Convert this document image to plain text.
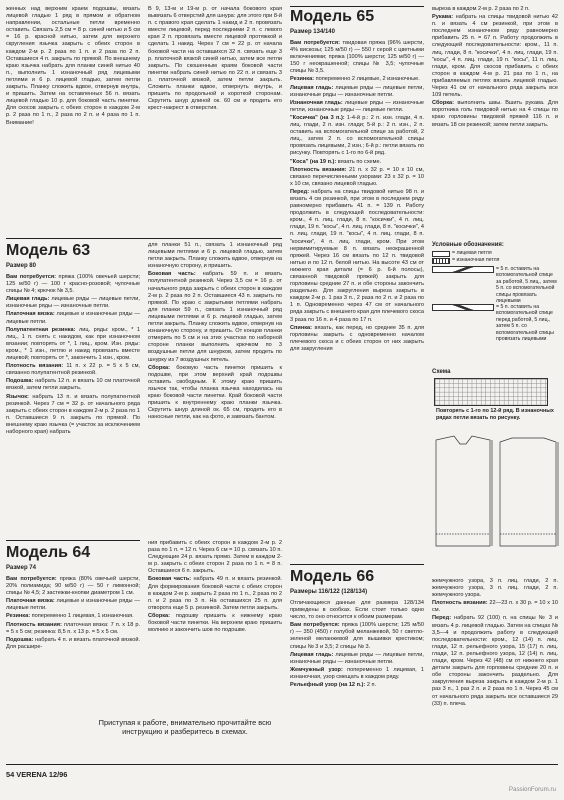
женных над верхним краем подошвы, вязать лицевой гладью 1 ряд в прямом и обратном направлении, остальные петли временно оставить. Связать 2,5 см = 8 р. синей нитью и 5 см = 16 р. красной нитью, затем для верхнего скругления язычка закрыть с обеих сторон в каждом 2-м р. 2 раза по 1 п. и 2 раза по 2 п. Оставшиеся 4 п. закрыть по прямой. По внешнему краю язычка набрать для планки синей нитью 40 п., выполнить 1 изнаночный ряд лицевыми петлями и 6 р. лицевой гладью, затем петли закрыть. Планку сложить вдвое, отвернув внутрь, и пришить. Затем на оставленных 56 п. вязать лицевой гладью 10 р. для боковой часть пинетки. Для скосов закрыть с обеих сторон в каждом 2-м р. 2 раза по 1 п., 2 раза по 2 п. и 4 раза по 1 п. Внимание!

В 9, 13-м и 19-м р. от начала бокового края вывязать 6 отверстий для шнура: для этого при 8-й п. с правого края сделать 1 накид и 2 п. провязать вместе лицевой, перед последними 2 п. с левого края 2 п. провязать вместе лицевой протяжкой и сделать 1 накид. Через 7 см = 22 р. от начала боковой части на оставшихся 32 п. связать еще 3 р. платочной вязкой синей нитью, затем все петли закрыть. По скошенным краям боковой части пинетки набрать синей нитью по 22 п. и связать 3 р. платочной вязкой, затем петли закрыть. Сложить планки вдвое, отвернуть внутрь, и пришить по продольной и короткой сторонам. Скрутить шнур длиной ок. 60 см и продеть его крест-накрест в отверстия.

Модель 63
Размер 80

Вам потребуется: пряжа (100% овечьей шерсти; 125 м/50 г) — 100 г красно-розовой; чулочные спицы № 4; крючок № 3,5.

Лицевая гладь: лицевые ряды — лицевые петли, изнаночные ряды — изнаночные петли.

Платочная вязка: лицевые и изнаночные ряды — лицевые петли.

Полупатентная резинка: лиц. ряды: кром., * 1 лиц., 1 п. снять с накидом, как при изнаночном вязании; повторять от *, 1 лиц., кром. Изн. ряды: кром., * 1 изн., петлю и накид провязать вместе лицевой; повторять от *, закончить 1 изн., кром.

Плотность вязания: 11 п. x 22 р. = 5 x 5 см, связанно полупатентной резинкой.

Подошва: набрать 12 п. и вязать 10 см платочной вязкой, затем петли закрыть.

Язычок: набрать 13 п. и вязать полупатентной резинкой. Через 7 см = 32 р. от начального ряда закрыть с обеих сторон в каждом 2-м р. 2 раза по 1 п. Оставшиеся 9 п. закрыть по прямой. По внешнему краю язычка (= участок за исключением наборного края) набрать

для планки 51 п., связать 1 изнаночный ряд лицевыми петлями и 6 р. лицевой гладью, затем петли закрыть. Планку сложить вдвое, отвернув на изнаночную сторону, и пришить.

Боковая часть: набрать 59 п. и вязать полупатентной резинкой. Через 3,5 см = 16 р. от начального ряда закрыть с обеих сторон в каждом 2-м р. 2 раза по 2 п. Оставшиеся 43 п. закрыть по прямой. По краю с закрытыми петлями набрать для планки 59 п., связать 1 изнаночный ряд лицевыми петлями и 6 р. лицевой гладью, затем петли закрыть. Планку сложить вдвое, отвернув на изнаночную сторону, и пришить. От концов планки отмерить по 5 см и на этих участках по наборной стороне планки выполнить крючком по 3 воздушные петли для шнурков, затем продеть по шнурку из 7 воздушных петель.

Сборка: боковую часть пинетки пришить к подошве, при этом верхний край подошвы оставить свободным. К этому краю пришить язычок так, чтобы планка язычка находилась на краю боковой части пинетки. Край боковой части пришить к внутреннему краю планки язычка. Скрутить шнур длиной ок. 65 см, продеть его в наносные петли, как на фото, и завязать бантом.

Модель 64
Размер 74

Вам потребуется: пряжа (80% овечьей шерсти, 20% полиамида; 90 м/50 г) — 50 г лимонной; спицы № 4,5; 2 застежки-кнопки диаметром 1 см.

Платочная вязка: лицевые и изнаночные ряды — лицевые петли.

Резинка: попеременно 1 лицевая, 1 изнаночная.

Плотность вязания: платочная вязка: 7 п. x 18 р. = 5 x 5 см; резинка: 8,5 п. x 13 р. = 5 x 5 см.

Подошва: набрать 4 п. и вязать платочной вязкой. Для расшире-

ния прибавить с обеих сторон в каждом 2-м р. 2 раза по 1 п. = 12 п. Через 6 см = 10 р. связать 10 п. Следующие 24 р. вязать прямо. Затем в каждом 2-м р. закрыть с обеих сторон 2 раза по 1 п. = 8 п. Оставшиеся 6 п. закрыть.

Боковая часть: набрать 49 п. и вязать резинкой. Для формирования боковой части с обеих сторон в каждом 2-м р. закрыть 2 раза по 1 п., 2 раза по 2 п. и 2 раза по 3 п. На оставшихся 25 п. для отворота еще 5 р. резинкой. Затем петли закрыть.

Сборка: подошву пришить к нижнему краю боковой части пинетки. На верхнем краю пришить молнию и закончить шов по подошве.

Модель 65
Размер 134/140

Вам потребуется: твидовая пряжа (96% шерсти, 4% вискозы; 125 м/50 г) — 550 г серой с цветными включениями; пряжа (100% шерсти; 125 м/50 г) — 150 г неокрашенной; спицы № 3,5; чулочные спицы № 3,5.

Резинка: попеременно 2 лицевые, 2 изнаночные.

Лицевая гладь: лицевые ряды — лицевые петли, изнаночные ряды — изнаночные петли.

Изнаночная гладь: лицевые ряды — изнаночные петли, изнаночные ряды — лицевые петли.

"Косичка" (на 3 п.): 1-4-й р.: 2 п. изн. глади, 4 п. лиц. глади, 2 п. изн. глади; 5-й р.: 2 п. изн., 2 п. оставить на вспомогательной спице за работой, 2 лиц., затем 2 п. со вспомогательной спицы провязать лицевыми, 2 изн.; 6-й р.: петли вязать по рисунку. Повторять с 1-го по 6-й ряд.

"Коса" (на 19 п.): вязать по схеме.

Плотность вязания: 21 п. x 32 р. = 10 x 10 см, связано перечисленными узорами: 23 x 32 р. = 10 x 10 см, связано лицевой гладью.

Перед: набрать на спицы твидовой нитью 98 п. и вязать 4 см резинкой, при этом в последнем ряду равномерно прибавить 41 п. = 139 п. Работу продолжить в следующей последовательности: кром., 4 п. лиц. глади, 8 п. "косички", 4 п. лиц. глади, 19 п. "косы", 4 п. лиц. глади, 8 п. "косички", 4 п. лиц. глади, 19 п. "косы", 4 п. лиц. глади, 8 п. "косички", 4 п. лиц. глади, кром. При этом нервимитируемые 8 п. вязать неокрашенной пряжей. Через 16 см вязать по 12 п. твидовой нитью и по 12 п. белой нитью. На высоте 43 см от нижнего края детали (= 6 р. 6-й полосы), связанной твидовой пряжей) закрыть для горловины средние 27 п. и обе стороны закончить раздельно. Для закругления выреза закрыть в каждом 2-м р. 1 раз 3 п., 2 раза по 2 п. и 2 раза по 1 п. Одновременно через 47 см от начального ряда закрыть с внешнего края для плечевого скоса 3 раза по 16 п. и 4 раза по 17 п.

Спинка: вязать, как перед, но среднее 35 п. для горловины закрыть с одновременно началом плечевого скоса и с обеих сторон от них закрыть для закругления

выреза в каждом 2-м р. 2 раза по 2 п.

Рукава: набрать на спицы твидовой нитью 42 п. и вязать 4 см резинкой, при этом в последнем изнаночном ряду равномерно прибавить 25 п. = 67 п. Работу продолжить в следующей последовательности: кром., 11 п. лиц. глади, 8 п. "косички", 4 п. лиц. глади, 19 п. "косы", 4 п. лиц. глади, 19 п. "косы", 11 п. лиц. глади, кром. Для скосов прибавить с обеих сторон в каждом 4-м р. 21 раз по 1 п., на прибавляемых петлях вязать лицевой гладью. Через 41 см от начального ряда закрыть все 109 петель.

Сборка: выполнить швы. Вшить рукава. Для воротника голь твидовой нитью на 4 спицы по краю горловины твидовой пряжей 116 п. и вязать 18 см резинкой; затем петли закрыть.

Условные обозначения:
= лицевая петля
= изнаночная петля
= 5 п. оставить на вспомогательной спице за работой, 5 лиц., затем 5 п. со вспомогательной спицы провязать лицевыми
= 5 п. оставить на вспомогательной спице перед работой, 5 лиц., затем 5 п. со вспомогательной спицы провязать лицевыми
Схема
Повторять с 1-го по 12-й ряд. В изнаночных рядах петли вязать по рисунку.
Модель 66
Размеры 116/122 (128/134)

Отличающиеся данные для размера 128/134 приведены в скобках. Если стоит только одно число, то оно относится к обоим размерам.

Вам потребуется: пряжа (100% шерсти; 125 м/50 г) — 350 (450) г голубой меланжевой, 50 г светло-зеленой меланжевой для вышивки крестиком; спицы № 3 и 3,5; 2 спицы № 3.

Лицевая гладь: лицевые ряды — лицевые петли, изнаночные ряды — изнаночные петли.

Жемчужный узор: попеременно 1 лицевая, 1 изнаночная, узор смещать в каждом ряду.

Рельефный узор (на 12 п.): 2 п.

жемчужного узора, 3 п. лиц. глади, 2 п. жемчужного узора, 3 п. лиц. глади, 2 п. жемчужного узора.

Плотность вязания: 22—23 п. x 30 р. = 10 x 10 см.

Перед: набрать 92 (100) п. на спицы № 3 и вязать 4 р. лицевой гладью. Затем на спицах № 3,5—4 и продолжить работу в следующей последовательности: кром., 12 (14) п. лиц. глади, 12 п. рельефного узора, 15 (17) п. лиц. глади, 12 п. рельефного узора, 12 (14) п. лиц. глади, кром. Через 42 (48) см от нижнего края детали закрыть для горловины средние 20 п. и обе стороны закончить раздельно. Для закругления выреза закрыть в каждом 2-м р. 1 раз 3 п., 1 раз 2 п. и 2 раза по 1 п. Через 45 см от начального ряда закрыть все оставшиеся 29 (33) п. плеча.

Приступая к работе, внимательно прочитайте всю инструкцию и разберитесь в схемах.
54 VERENA 12/96
PassionForum.ru
